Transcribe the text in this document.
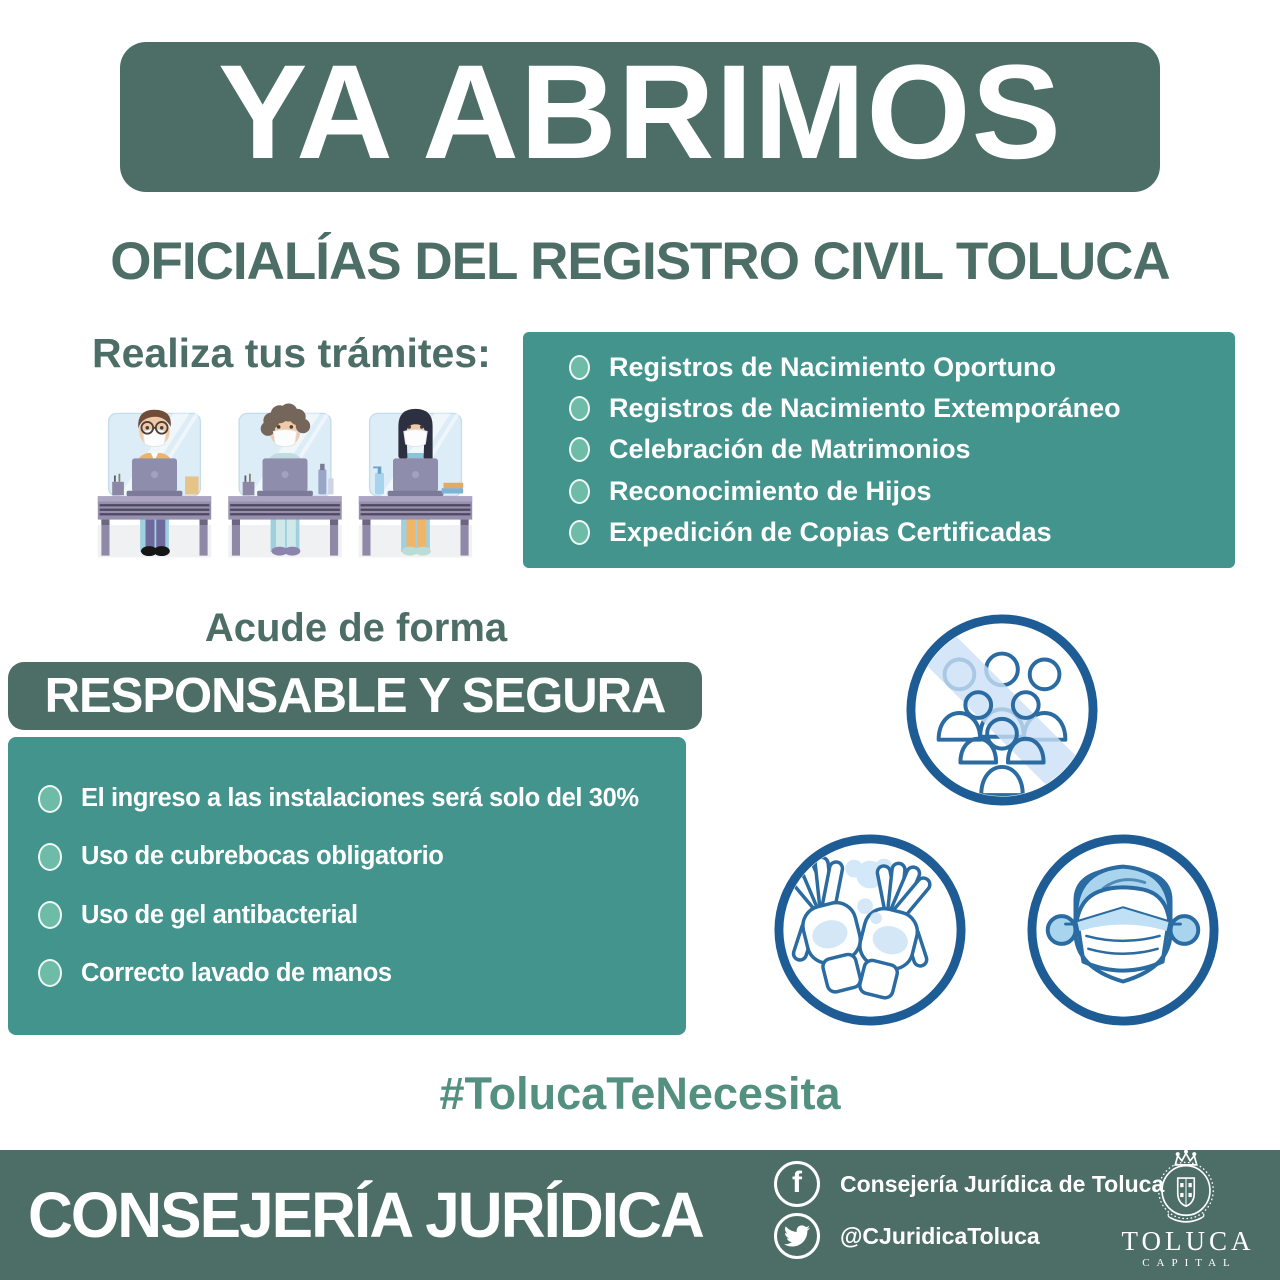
YA ABRIMOS
OFICIALÍAS DEL REGISTRO CIVIL TOLUCA
Realiza tus trámites:	Registros de Nacimiento Oportuno
Registros de Nacimiento Extemporáneo
Celebración de Matrimonios
Reconocimiento de Hijos
Expedición de Copias Certificadas
Acude de forma
RESPONSABLE Y SEGURA
El ingreso a las instalaciones será solo del 30%
Uso de cubrebocas obligatorio
Uso de gel antibacterial
Correcto lavado de manos
#TolucaTeNecesita
CONSEJERÍA JURÍDICA	f Consejería Jurídica de Toluca
@CJuridicaToluca	TOLUCA
CAPITAL
